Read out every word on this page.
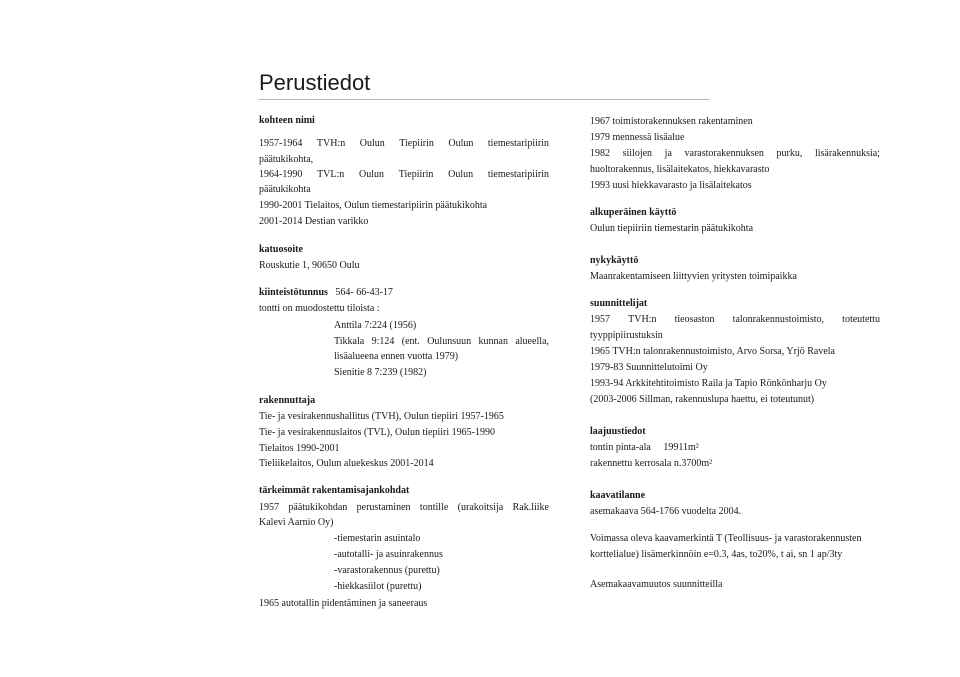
Perustiedot
kohteen nimi
1957-1964 TVH:n Oulun Tiepiirin Oulun tiemestaripiirin
päätukikohta,
1964-1990 TVL:n Oulun Tiepiirin Oulun tiemestaripiirin
päätukikohta
1990-2001 Tielaitos, Oulun tiemestaripiirin päätukikohta
2001-2014 Destian varikko
katuosoite
Rouskutie 1, 90650 Oulu
kiinteistötunnus 564- 66-43-17
tontti on muodostettu tiloista :
Anttila 7:224 (1956)
Tikkala 9:124 (ent. Oulunsuun kunnan alueella,
lisäalueena ennen vuotta 1979)
Sienitie 8 7:239 (1982)
rakennuttaja
Tie- ja vesirakennushallitus (TVH), Oulun tiepiiri 1957-1965
Tie- ja vesirakennuslaitos (TVL), Oulun tiepiiri 1965-1990
Tielaitos 1990-2001
Tieliikelaitos, Oulun aluekeskus 2001-2014
tärkeimmät rakentamisajankohdat
1957 päätukikohdan perustaminen tontille (urakoitsija Rak.liike
Kalevi Aarnio Oy)
-tiemestarin asuintalo
-autotalli- ja asuinrakennus
-varastorakennus (purettu)
-hiekkasiilot (purettu)
1965 autotallin pidentäminen ja saneeraus
1967 toimistorakennuksen rakentaminen
1979 mennessä lisäalue
1982 siilojen ja varastorakennuksen purku, lisärakennuksia;
huoltorakennus, lisälaitekatos, hiekkavarasto
1993 uusi hiekkavarasto ja lisälaitekatos
alkuperäinen käyttö
Oulun tiepiiriin tiemestarin päätukikohta
nykykäyttö
Maanrakentamiseen liittyvien yritysten toimipaikka
suunnittelijat
1957 TVH:n tieosaston talonrakennustoimisto, toteutettu
tyyppipiirustuksin
1965 TVH:n talonrakennustoimisto, Arvo Sorsa, Yrjö Ravela
1979-83 Suunnittelutoimi Oy
1993-94 Arkkitehtitoimisto Raila ja Tapio Rönkönharju Oy
(2003-2006 Sillman, rakennuslupa haettu, ei toteutunut)
laajuustiedot
tontin pinta-ala     19911m²
rakennettu kerrosala n.3700m²
kaavatilanne
asemakaava 564-1766 vuodelta 2004.
Voimassa oleva kaavamerkintä T (Teollisuus- ja varastorakennusten
korttelialue) lisämerkinnöin e=0.3, 4as, to20%, t ai, sn 1 ap/3ty
Asemakaavamuutos suunnitteilla
